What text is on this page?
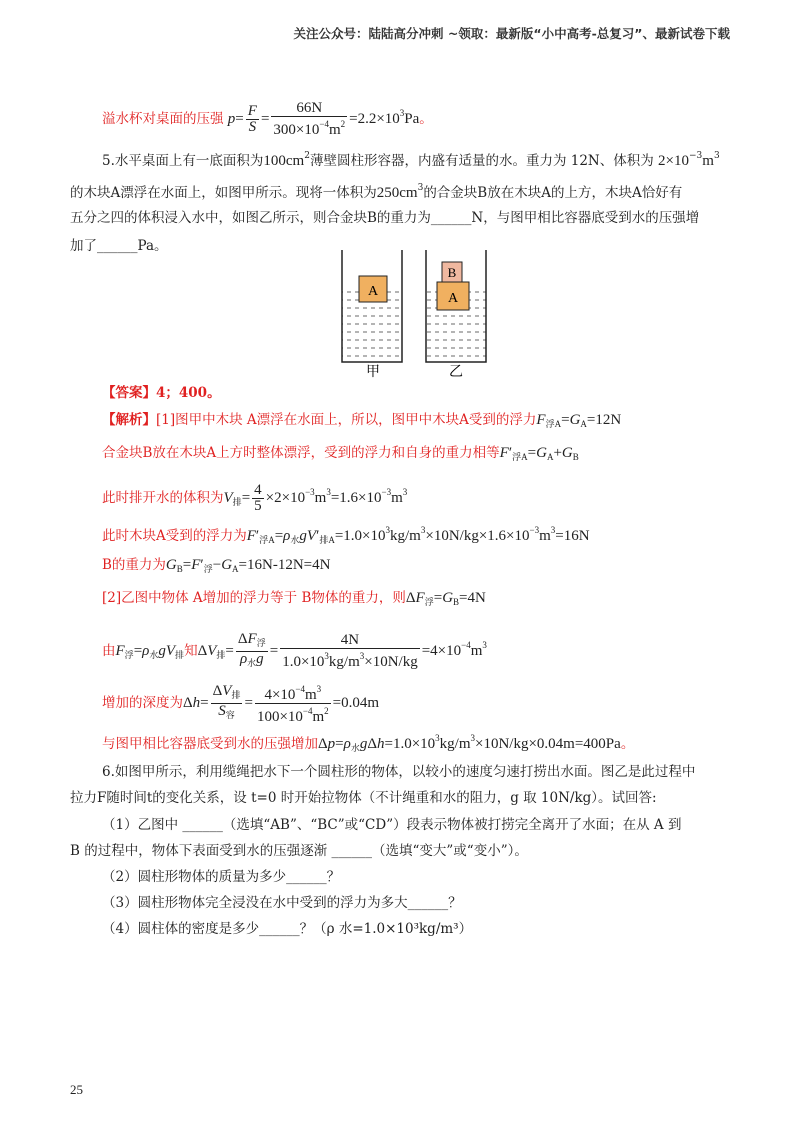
关注公众号：陆陆高分冲刺 ~领取：最新版“小中高考-总复习”、最新试卷下载
溢水杯对桌面的压强 $p= \frac{F}{S} = \frac{66N}{300\times 10^{-4}m^2} =2.2\times 10^3Pa$。
5.水平桌面上有一底面积为$100cm^2$薄壁圆柱形容器，内盛有适量的水。重力为 12N、体积为 $2\times 10^{-3}m^3$
的木块A漂浮在水面上，如图甲所示。现将一体积为$250cm^3$的合金块B放在木块A的上方，木块A恰好有
五分之四的体积浸入水中，如图乙所示，则合金块B的重力为______N，与图甲相比容器底受到水的压强增
加了______Pa。
A
B
A
甲	乙
【答案】4；400。
【解析】[1]图甲中木块 A漂浮在水面上，所以，图甲中木块A受到的浮力$F_{浮A}=G_A=12N$
合金块B放在木块A上方时整体漂浮，受到的浮力和自身的重力相等$F'_{浮A}=G_A+G_B$
此时排开水的体积为$V_排= \frac{4}{5} \times 2\times 10^{-3}m^3=1.6\times 10^{-3}m^3$
此时木块A受到的浮力为$F'_{浮A}=\rho_水gV'_{排A}=1.0\times 10^3kg/m^3\times 10N/kg\times 1.6\times 10^{-3}m^3=16N$
B的重力为$G_B=F'_浮-G_A=16N-12N=4N$
[2]乙图中物体 A增加的浮力等于 B物体的重力，则$\Delta F_浮=G_B=4N$
由$F_浮=\rho_水gV_排$知$\Delta V_排= \frac{\Delta F_浮}{\rho_水g} = \frac{4N}{1.0\times 10^3kg/m^3\times 10N/kg} =4\times 10^{-4}m^3$
增加的深度为$\Delta h= \frac{\Delta V_排}{S_容} = \frac{4\times 10^{-4}m^3}{100\times 10^{-4}m^2} =0.04m$
与图甲相比容器底受到水的压强增加$\Delta p=\rho_水g\Delta h=1.0\times 10^3kg/m^3\times 10N/kg\times 0.04m=400Pa$。
6.如图甲所示，利用缆绳把水下一个圆柱形的物体，以较小的速度匀速打捞出水面。图乙是此过程中
拉力F随时间t的变化关系，设 t=0 时开始拉物体（不计绳重和水的阻力，g 取 10N/kg）。试回答:
（1）乙图中 ______（选填“AB”、“BC”或“CD”）段表示物体被打捞完全离开了水面；在从 A 到
B 的过程中，物体下表面受到水的压强逐渐 ______（选填“变大”或“变小”）。
（2）圆柱形物体的质量为多少______？
（3）圆柱形物体完全浸没在水中受到的浮力为多大______？
（4）圆柱体的密度是多少______？（ρ 水=1.0×10³kg/m³）
25
